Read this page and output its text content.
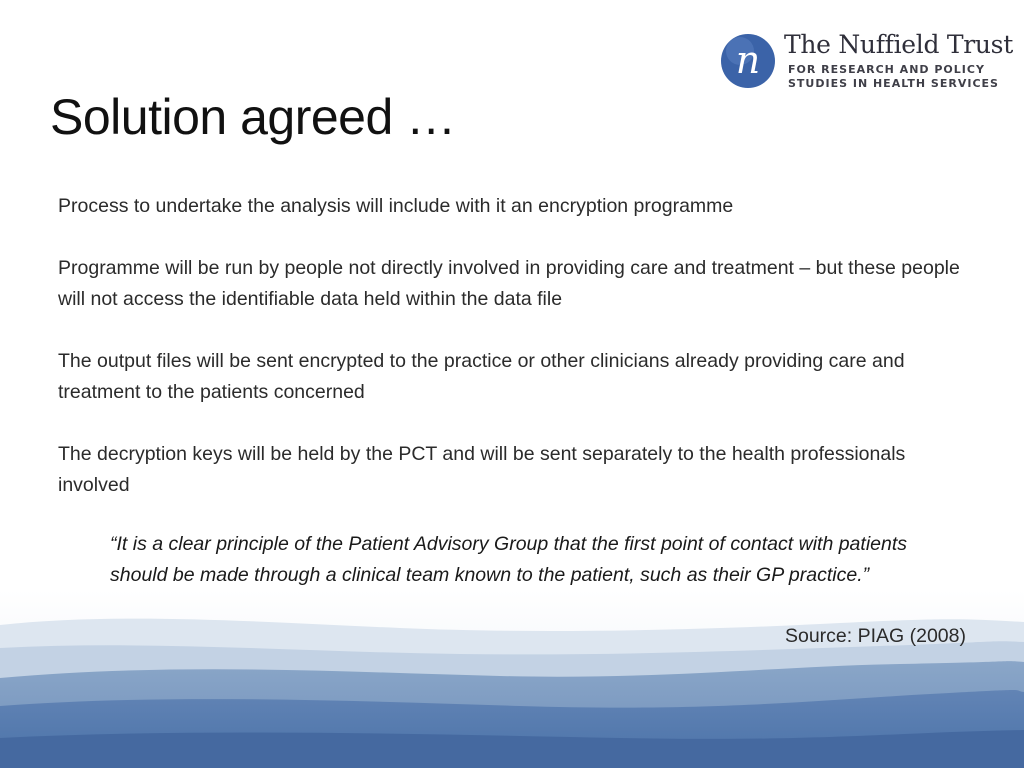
n The Nuffield Trust
FOR RESEARCH AND POLICY
STUDIES IN HEALTH SERVICES
Solution agreed …

Process to undertake the analysis will include with it an encryption programme

Programme will be run by people not directly involved in providing care and treatment – but these people will not access the identifiable data held within the data file

The output files will be sent encrypted to the practice or other clinicians already providing care and treatment to the patients concerned

The decryption keys will be held by the PCT and will be sent separately to the health professionals involved

“It is a clear principle of the Patient Advisory Group that the first point of contact with patients should be made through a clinical team known to the patient, such as their GP practice.”

Source: PIAG (2008)
